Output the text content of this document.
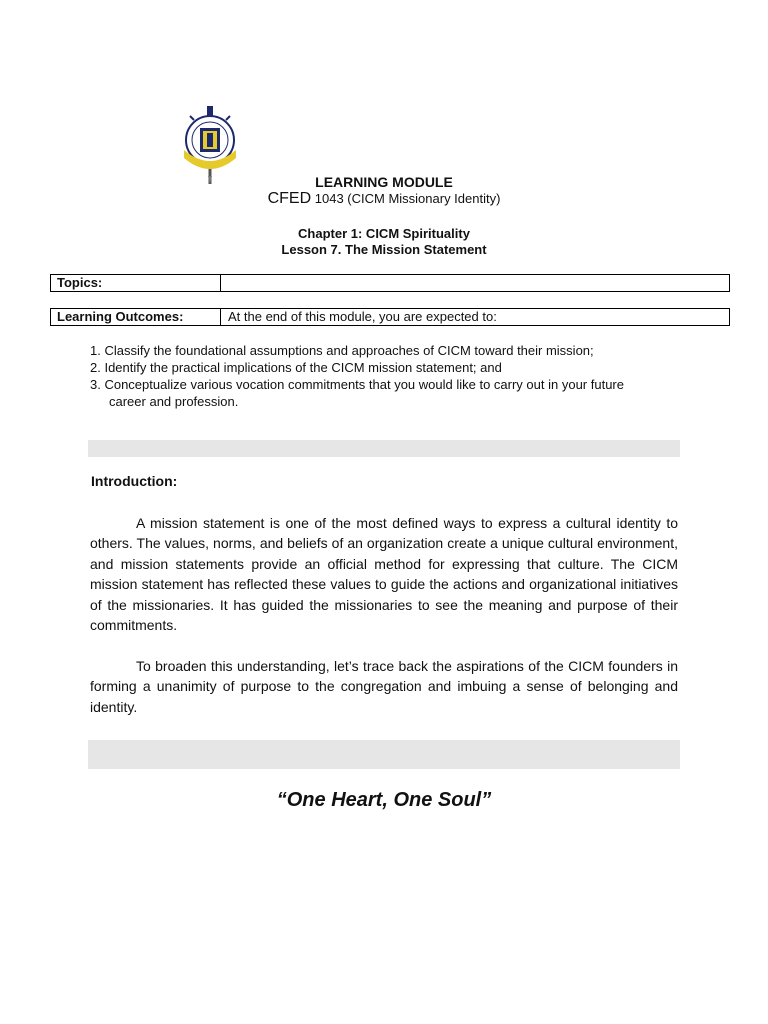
LEARNING MODULE
CFED 1043 (CICM Missionary Identity)
Chapter 1: CICM Spirituality
Lesson 7. The Mission Statement
Topics:
Learning Outcomes:	At the end of this module, you are expected to:
1. Classify the foundational assumptions and approaches of CICM toward their mission;
2. Identify the practical implications of the CICM mission statement; and
3. Conceptualize various vocation commitments that you would like to carry out in your future
career and profession.
Introduction:
A mission statement is one of the most defined ways to express a cultural identity to others. The values, norms, and beliefs of an organization create a unique cultural environment, and mission statements provide an official method for expressing that culture. The CICM mission statement has reflected these values to guide the actions and organizational initiatives of the missionaries. It has guided the missionaries to see the meaning and purpose of their commitments.
To broaden this understanding, let’s trace back the aspirations of the CICM founders in forming a unanimity of purpose to the congregation and imbuing a sense of belonging and identity.
“One Heart, One Soul”
